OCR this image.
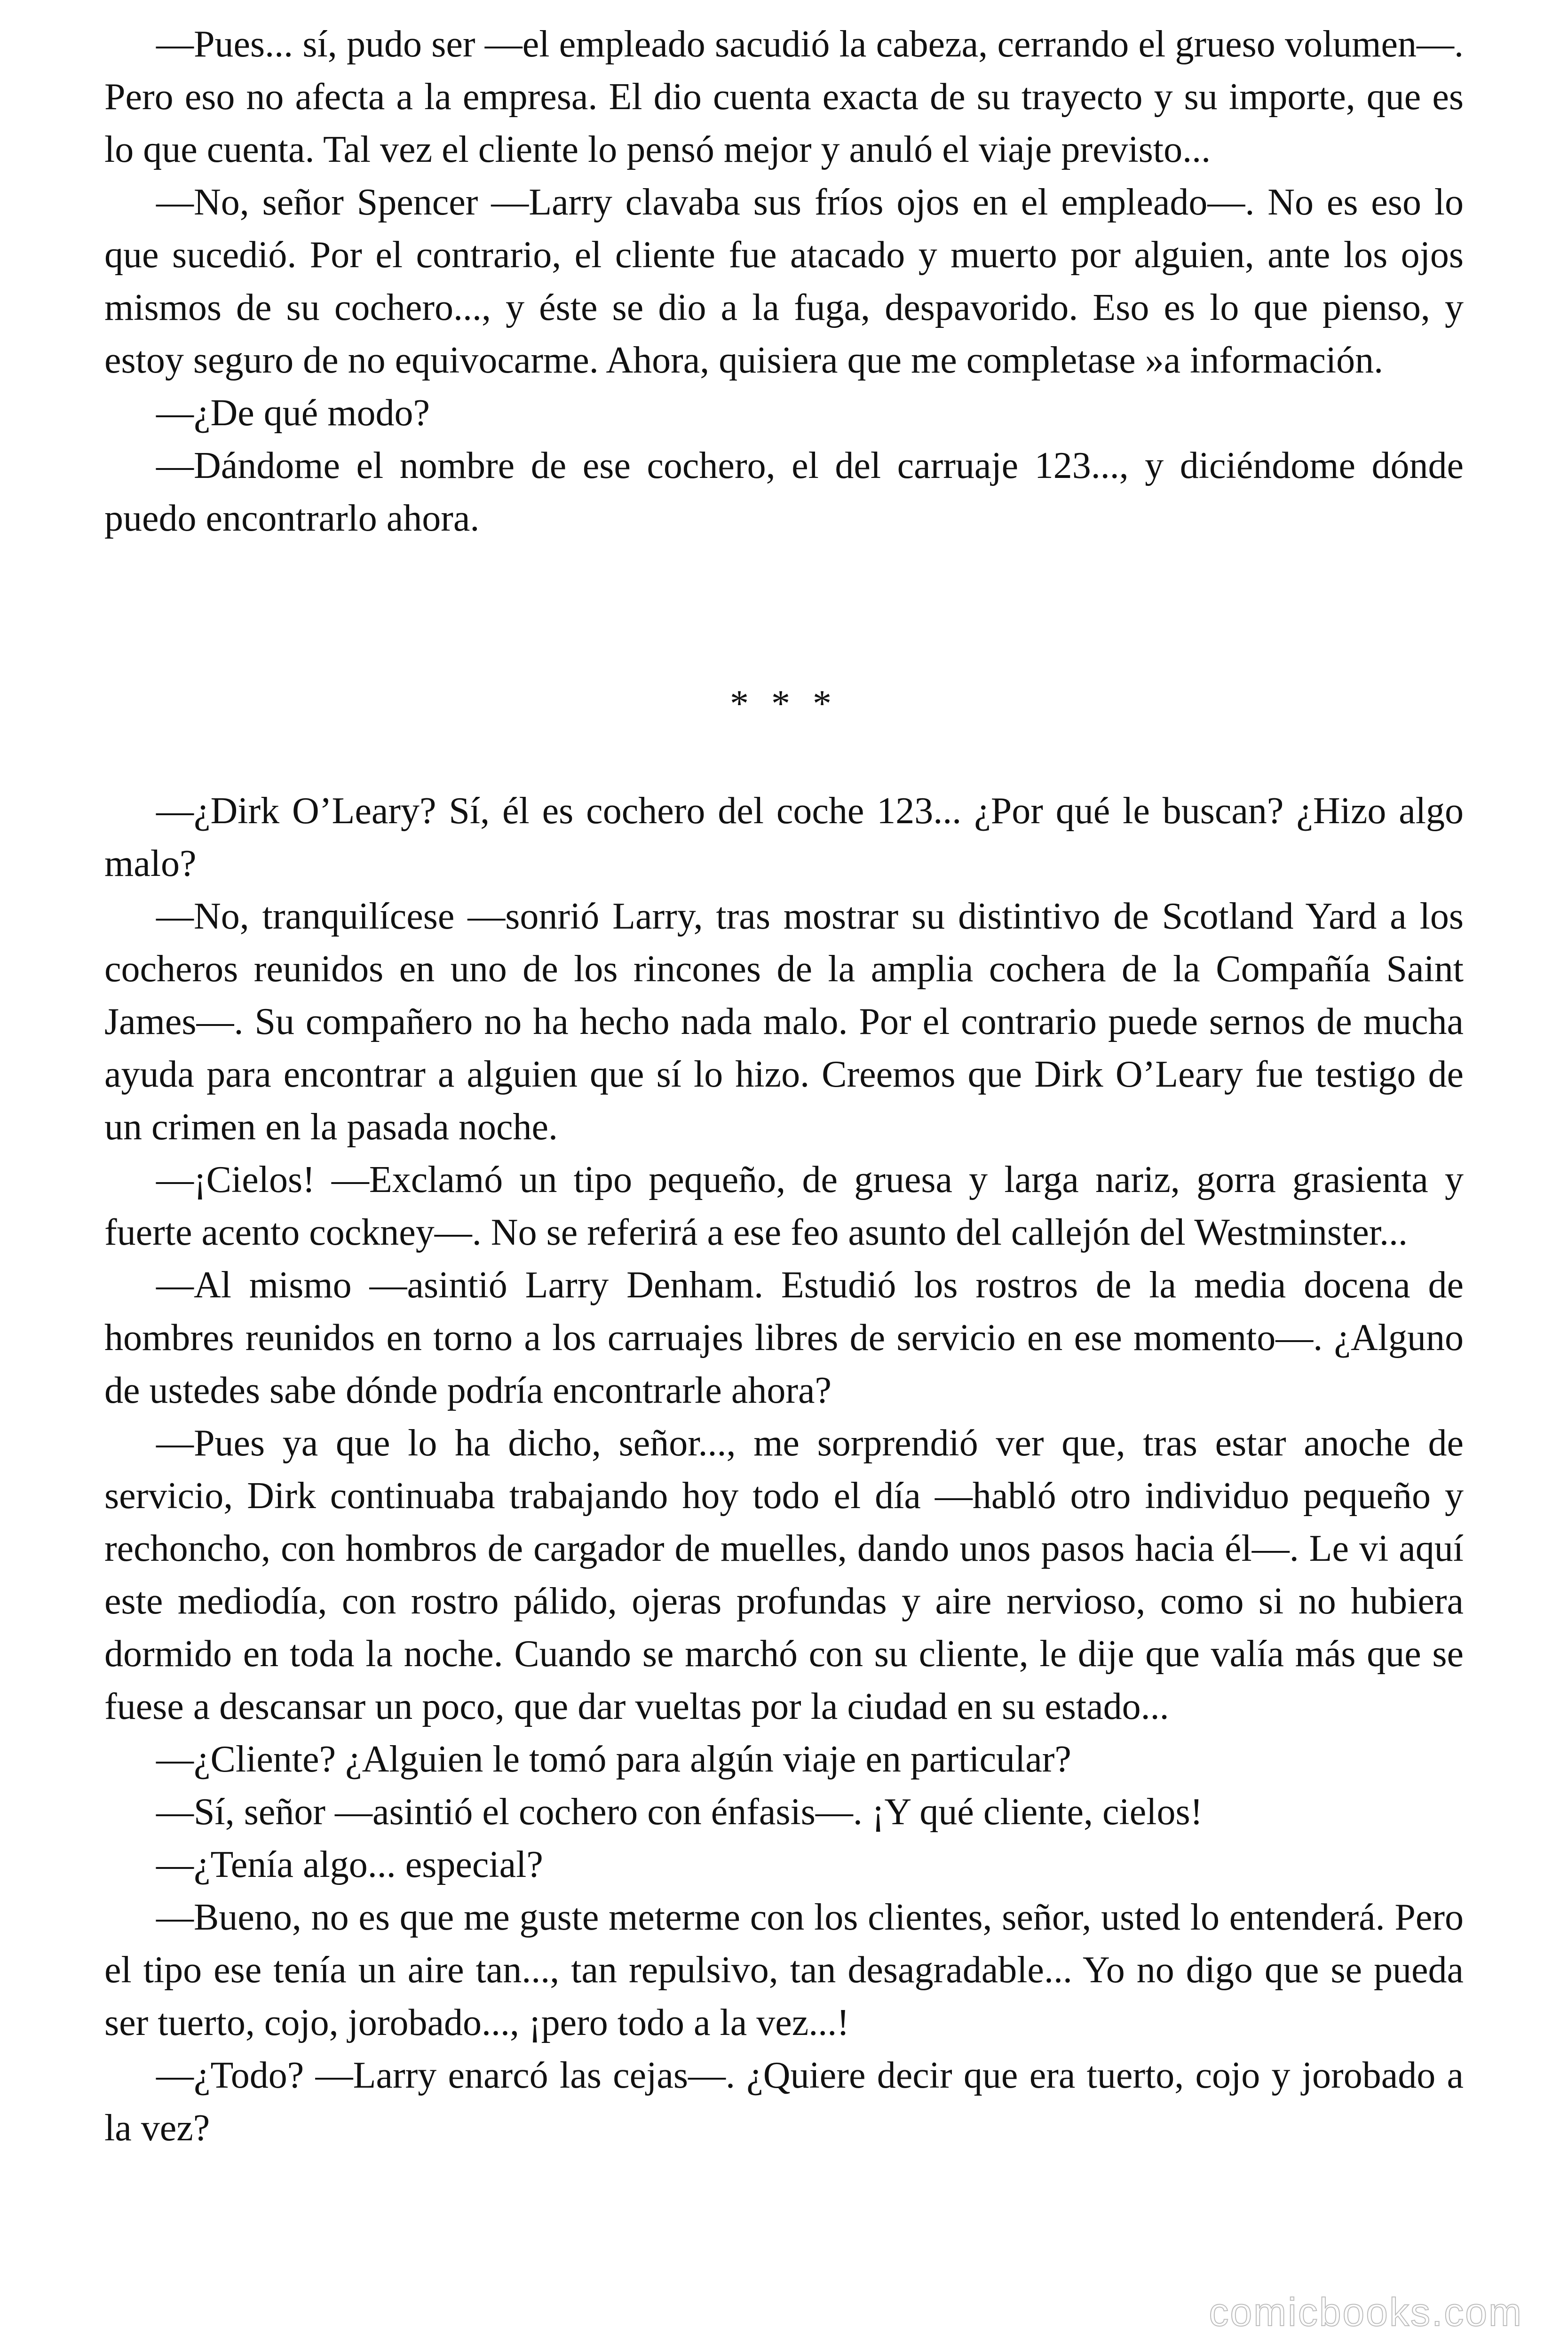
—Pues... sí, pudo ser —el empleado sacudió la cabeza, cerrando el grueso volumen—. Pero eso no afecta a la empresa. El dio cuenta exacta de su trayecto y su importe, que es lo que cuenta. Tal vez el cliente lo pensó mejor y anuló el viaje previsto...

—No, señor Spencer —Larry clavaba sus fríos ojos en el empleado—. No es eso lo que sucedió. Por el contrario, el cliente fue atacado y muerto por alguien, ante los ojos mismos de su cochero..., y éste se dio a la fuga, despavorido. Eso es lo que pienso, y estoy seguro de no equivocarme. Ahora, quisiera que me completase »a información.

—¿De qué modo?

—Dándome el nombre de ese cochero, el del carruaje 123..., y diciéndome dónde puedo encontrarlo ahora.

* * *

—¿Dirk O’Leary? Sí, él es cochero del coche 123... ¿Por qué le buscan? ¿Hizo algo malo?

—No, tranquilícese —sonrió Larry, tras mostrar su distintivo de Scotland Yard a los cocheros reunidos en uno de los rincones de la amplia cochera de la Compañía Saint James—. Su compañero no ha hecho nada malo. Por el contrario puede sernos de mucha ayuda para encontrar a alguien que sí lo hizo. Creemos que Dirk O’Leary fue testigo de un crimen en la pasada noche.

—¡Cielos! —Exclamó un tipo pequeño, de gruesa y larga nariz, gorra grasienta y fuerte acento cockney—. No se referirá a ese feo asunto del callejón del Westminster...

—Al mismo —asintió Larry Denham. Estudió los rostros de la media docena de hombres reunidos en torno a los carruajes libres de servicio en ese momento—. ¿Alguno de ustedes sabe dónde podría encontrarle ahora?

—Pues ya que lo ha dicho, señor..., me sorprendió ver que, tras estar anoche de servicio, Dirk continuaba trabajando hoy todo el día —habló otro individuo pequeño y rechoncho, con hombros de cargador de muelles, dando unos pasos hacia él—. Le vi aquí este mediodía, con rostro pálido, ojeras profundas y aire nervioso, como si no hubiera dormido en toda la noche. Cuando se marchó con su cliente, le dije que valía más que se fuese a descansar un poco, que dar vueltas por la ciudad en su estado...

—¿Cliente? ¿Alguien le tomó para algún viaje en particular?

—Sí, señor —asintió el cochero con énfasis—. ¡Y qué cliente, cielos!

—¿Tenía algo... especial?

—Bueno, no es que me guste meterme con los clientes, señor, usted lo entenderá. Pero el tipo ese tenía un aire tan..., tan repulsivo, tan desagradable... Yo no digo que se pueda ser tuerto, cojo, jorobado..., ¡pero todo a la vez...!

—¿Todo? —Larry enarcó las cejas—. ¿Quiere decir que era tuerto, cojo y jorobado a la vez?

comicbooks.com
